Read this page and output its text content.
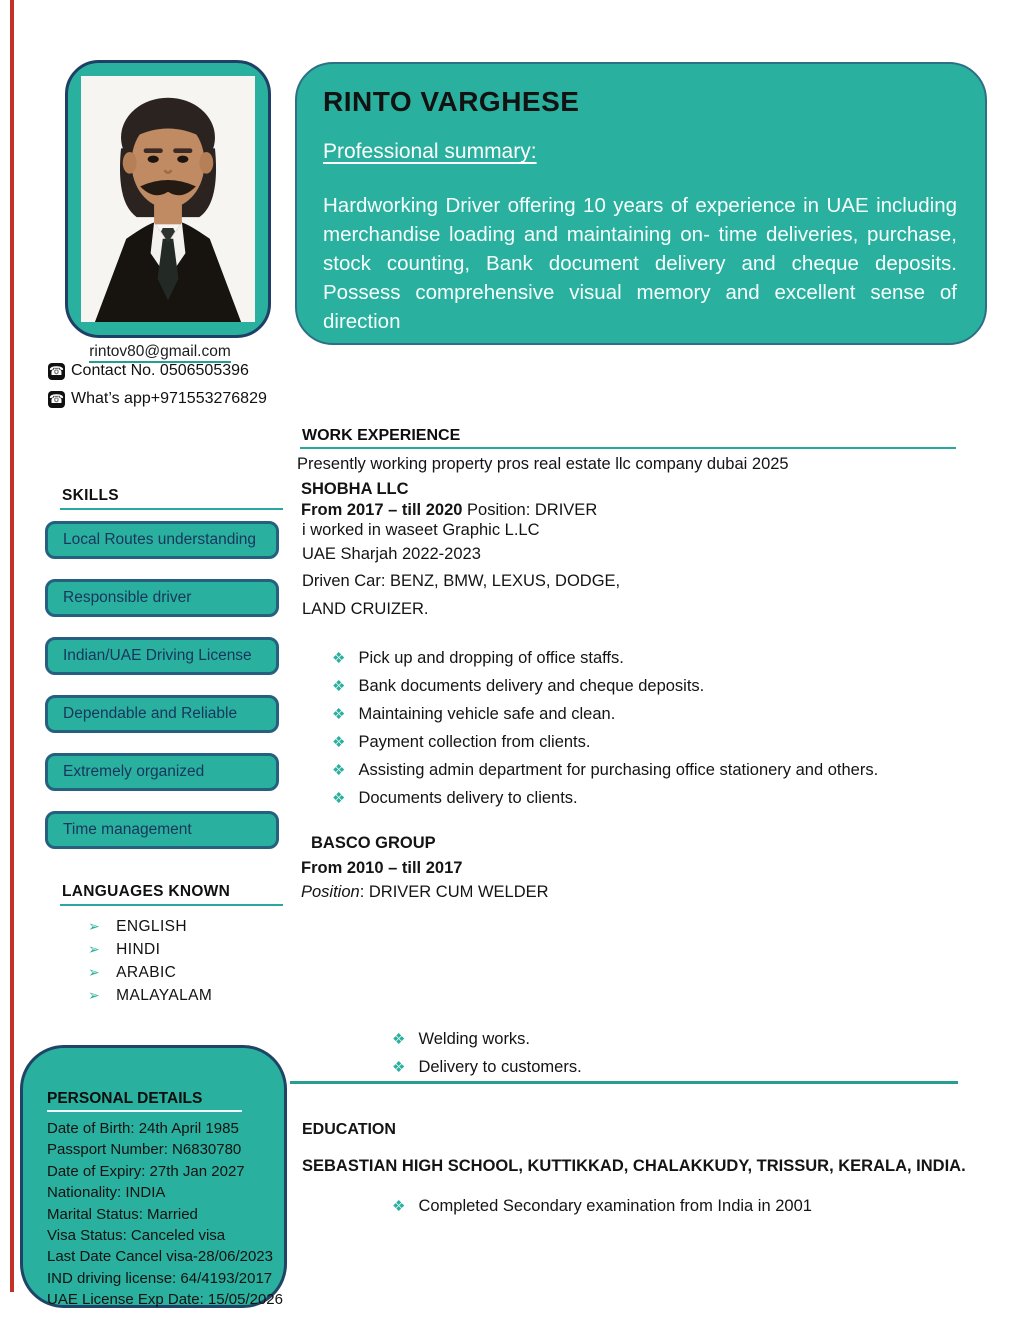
RINTO VARGHESE
Professional summary:
Hardworking Driver offering 10 years of experience in UAE including merchandise loading and maintaining on- time deliveries, purchase, stock counting, Bank document delivery and cheque deposits. Possess comprehensive visual memory and excellent sense of direction
rintov80@gmail.com
☎ Contact No. 0506505396
☎ What’s app+971553276829
SKILLS
Local Routes understanding
Responsible driver
Indian/UAE Driving License
Dependable and Reliable
Extremely organized
Time management
LANGUAGES KNOWN
➢ ENGLISH
➢ HINDI
➢ ARABIC
➢ MALAYALAM
PERSONAL DETAILS
Date of Birth: 24th April 1985
Passport Number: N6830780
Date of Expiry: 27th Jan 2027
Nationality: INDIA
Marital Status: Married
Visa Status: Canceled visa
Last Date Cancel visa-28/06/2023
IND driving license: 64/4193/2017
UAE License Exp Date: 15/05/2026
WORK EXPERIENCE
Presently working property pros real estate llc company dubai 2025
SHOBHA LLC
From 2017 – till 2020 Position: DRIVER
i worked in waseet Graphic L.LC
UAE Sharjah 2022-2023
Driven Car: BENZ, BMW, LEXUS, DODGE,
LAND CRUIZER.
❖ Pick up and dropping of office staffs.
❖ Bank documents delivery and cheque deposits.
❖ Maintaining vehicle safe and clean.
❖ Payment collection from clients.
❖ Assisting admin department for purchasing office stationery and others.
❖ Documents delivery to clients.
BASCO GROUP
From 2010 – till 2017
Position: DRIVER CUM WELDER
❖ Welding works.
❖ Delivery to customers.
EDUCATION
SEBASTIAN HIGH SCHOOL, KUTTIKKAD, CHALAKKUDY, TRISSUR, KERALA, INDIA.
❖ Completed Secondary examination from India in 2001
